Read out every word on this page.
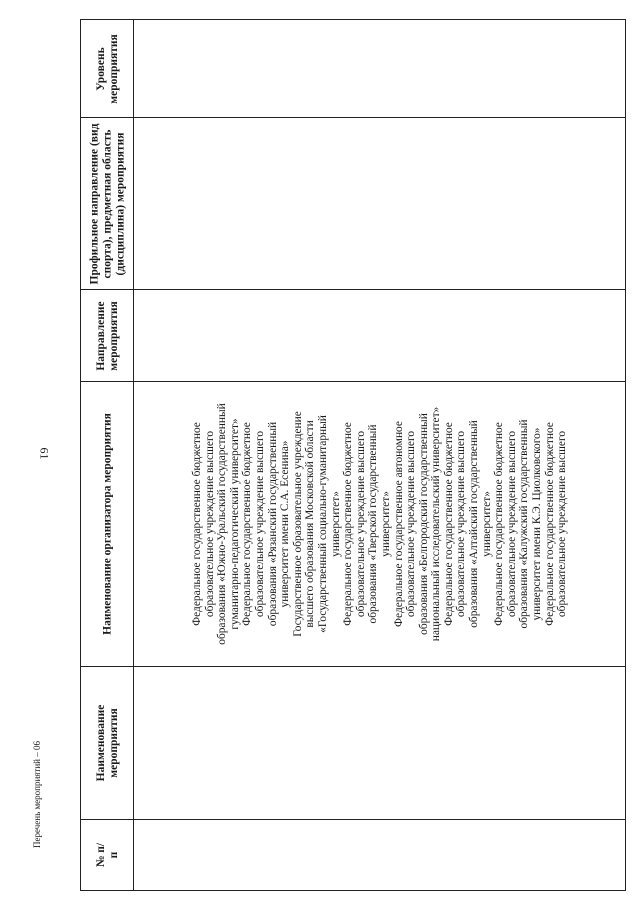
61
Перечень мероприятий – 06
Уровень мероприятия
Профильное направление (вид спорта), предметная область (дисциплина) мероприятия
Направление мероприятия
Наименование организатора мероприятия
Наименование мероприятия
№ п/п
Федеральное государственное бюджетное образовательное учреждение высшего образования «Южно-Уральский государственный гуманитарно-педагогический университет» Федеральное государственное бюджетное образовательное учреждение высшего образования «Рязанский государственный университет имени С.А. Есенина» Государственное образовательное учреждение высшего образования Московской области «Государственный социально-гуманитарный университет» Федеральное государственное бюджетное образовательное учреждение высшего образования «Тверской государственный университет» Федеральное государственное автономное образовательное учреждение высшего образования «Белгородский государственный национальный исследовательский университет» Федеральное государственное бюджетное образовательное учреждение высшего образования «Алтайский государственный университет» Федеральное государственное бюджетное образовательное учреждение высшего образования «Калужский государственный университет имени К.Э. Циолковского» Федеральное государственное бюджетное образовательное учреждение высшего
